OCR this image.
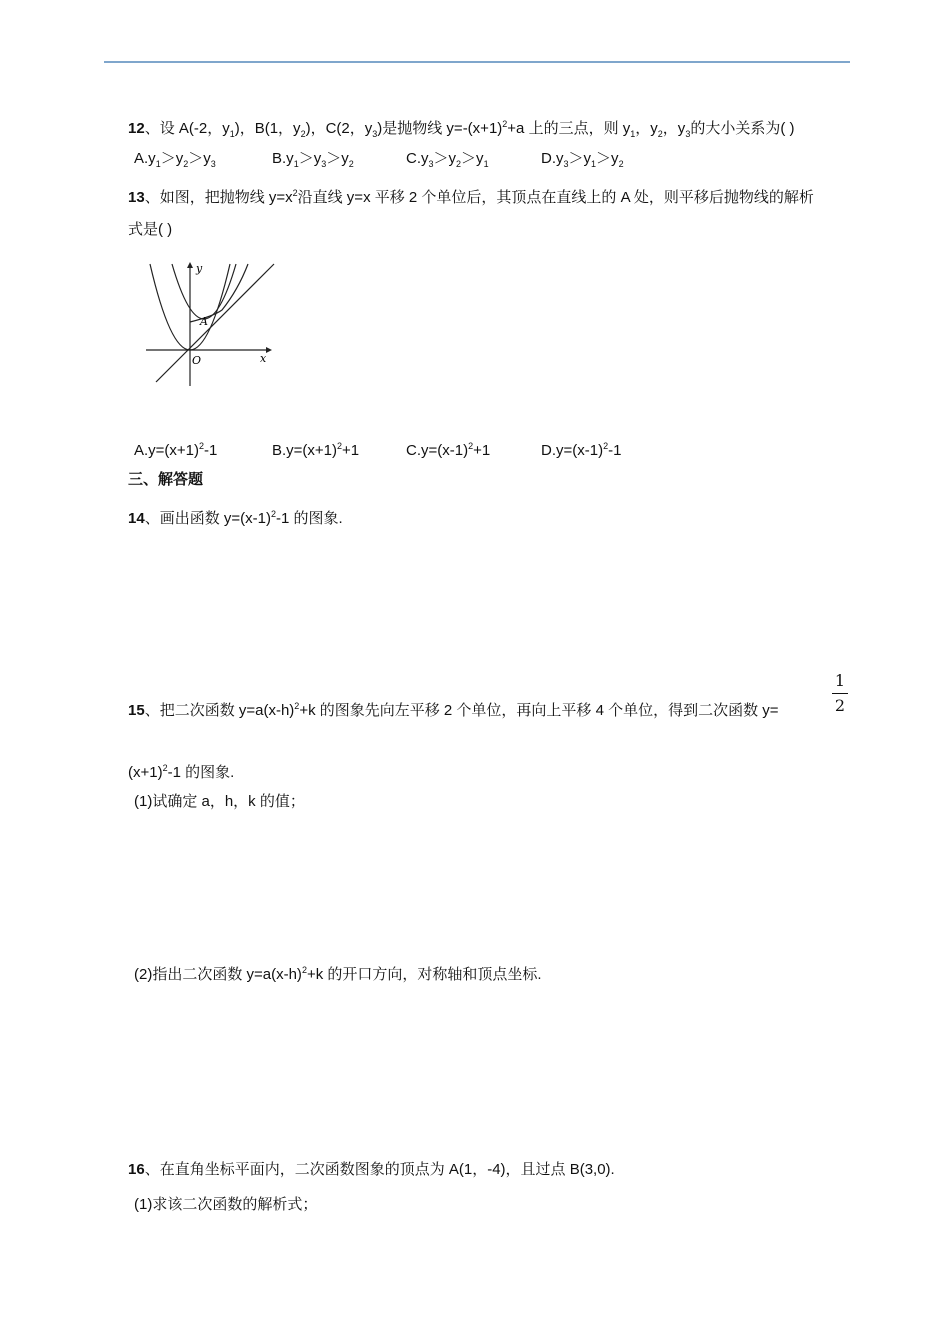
12、设 A(-2，$y_1$)，B(1，$y_2$)，C(2，$y_3$)是抛物线 $y=-(x+1)^2+a$ 上的三点，则 $y_1$，$y_2$，$y_3$的大小关系为( )
$A.y_1>y_2>y_3$	$B.y_1>y_3>y_2$	$C.y_3>y_2>y_1$	$D.y_3>y_1>y_2$
13、如图，把抛物线 $y=x^2$沿直线 y=x 平移 2 个单位后，其顶点在直线上的 A 处，则平移后抛物线的解析
式是( )
y
x
O
A
$A.y=(x+1)^2-1$	$B.y=(x+1)^2+1$	$C.y=(x-1)^2+1$	$D.y=(x-1)^2-1$
三、解答题
14、画出函数 $y=(x-1)^2-1$ 的图象.
15、把二次函数 $y=a(x-h)^2+k$ 的图象先向左平移 2 个单位，再向上平移 4 个单位，得到二次函数 y=
1
2
$(x+1)^2-1$ 的图象.
(1)试确定 a，h，k 的值；
(2)指出二次函数 $y=a(x-h)^2+k$ 的开口方向，对称轴和顶点坐标.
16、在直角坐标平面内，二次函数图象的顶点为 A(1，-4)，且过点 B(3,0).
(1)求该二次函数的解析式；
